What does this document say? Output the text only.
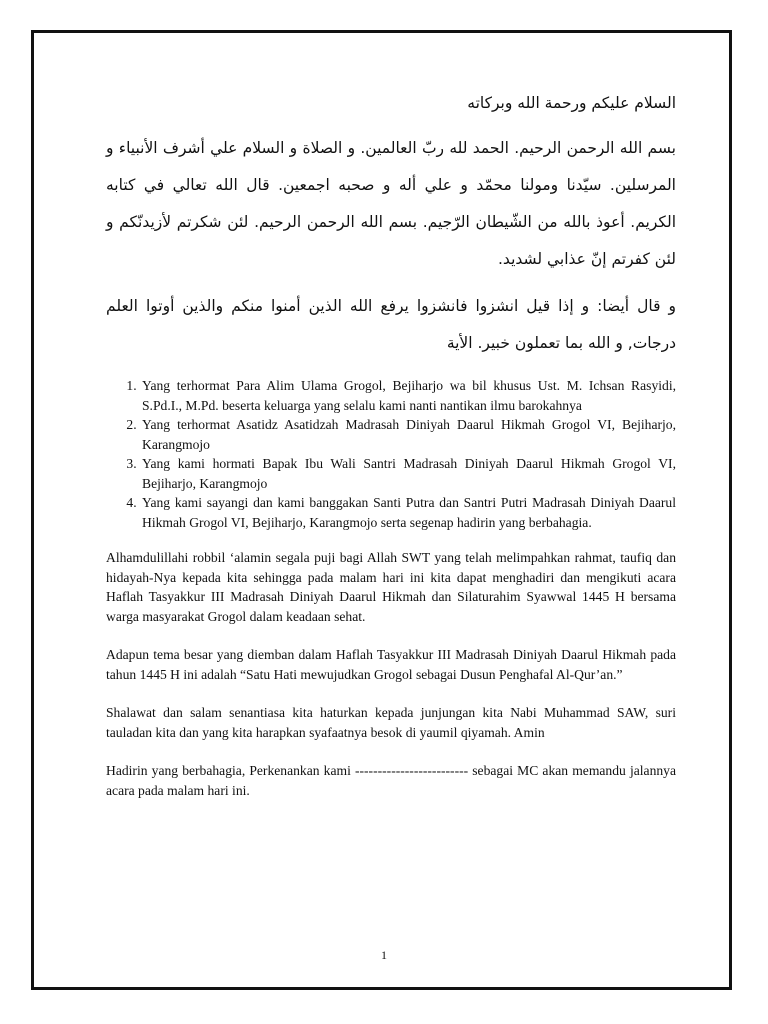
السلام عليكم ورحمة الله وبركاته

بسم الله الرحمن الرحيم. الحمد لله ربّ العالمين. و الصلاة و السلام علي أشرف الأنبياء و المرسلين. سيّدنا ومولنا محمّد و علي أله و صحبه اجمعين. قال الله تعالي في كتابه الكريم. أعوذ بالله من الشّيطان الرّجيم. بسم الله الرحمن الرحيم. لئن شكرتم لأزيدنّكم و لئن كفرتم إنّ عذابي لشديد.

و قال أيضا: و إذا قيل انشزوا فانشزوا يرفع الله الذين أمنوا منكم والذين أوتوا العلم درجات, و الله بما تعملون خبير. الأية

1. Yang terhormat Para Alim Ulama Grogol, Bejiharjo wa bil khusus Ust. M. Ichsan Rasyidi, S.Pd.I., M.Pd. beserta keluarga yang selalu kami nanti nantikan ilmu barokahnya
2. Yang terhormat Asatidz Asatidzah Madrasah Diniyah Daarul Hikmah Grogol VI, Bejiharjo, Karangmojo
3. Yang kami hormati Bapak Ibu Wali Santri Madrasah Diniyah Daarul Hikmah Grogol VI, Bejiharjo, Karangmojo
4. Yang kami sayangi dan kami banggakan Santi Putra dan Santri Putri Madrasah Diniyah Daarul Hikmah Grogol VI, Bejiharjo, Karangmojo serta segenap hadirin yang berbahagia.

Alhamdulillahi robbil ‘alamin segala puji bagi Allah SWT yang telah melimpahkan rahmat, taufiq dan hidayah-Nya kepada kita sehingga pada malam hari ini kita dapat menghadiri dan mengikuti acara Haflah Tasyakkur III Madrasah Diniyah Daarul Hikmah dan Silaturahim Syawwal 1445 H bersama warga masyarakat Grogol dalam keadaan sehat.

Adapun tema besar yang diemban dalam Haflah Tasyakkur III Madrasah Diniyah Daarul Hikmah pada tahun 1445 H ini adalah “Satu Hati mewujudkan Grogol sebagai Dusun Penghafal Al-Qur’an.”

Shalawat dan salam senantiasa kita haturkan kepada junjungan kita Nabi Muhammad SAW, suri tauladan kita dan yang kita harapkan syafaatnya besok di yaumil qiyamah. Amin

Hadirin yang berbahagia, Perkenankan kami ------------------------- sebagai MC akan memandu jalannya acara pada malam hari ini.

1
